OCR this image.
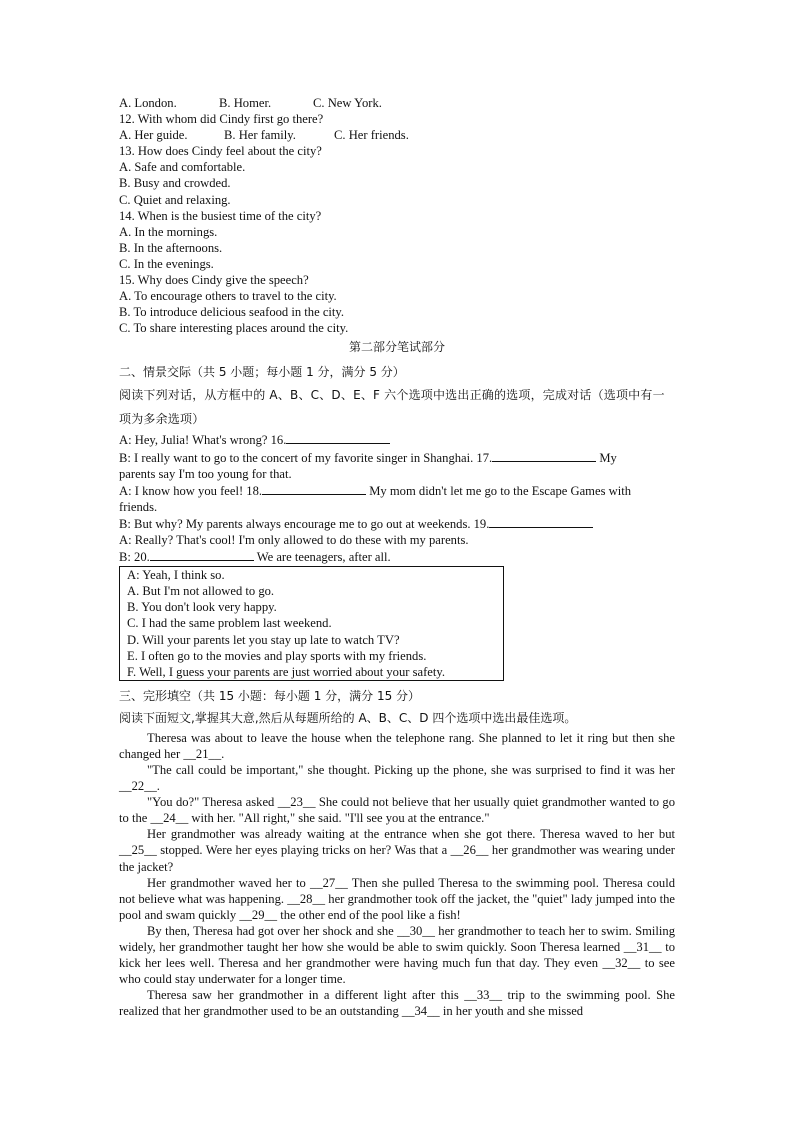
A. London.	B. Homer.	C. New York.
12. With whom did Cindy first go there?
A. Her guide.	B. Her family.	C. Her friends.
13. How does Cindy feel about the city?
A. Safe and comfortable.
B. Busy and crowded.
C. Quiet and relaxing.
14. When is the busiest time of the city?
A. In the mornings.
B. In the afternoons.
C. In the evenings.
15. Why does Cindy give the speech?
A. To encourage others to travel to the city.
B. To introduce delicious seafood in the city.
C. To share interesting places around the city.
第二部分笔试部分
二、情景交际（共 5 小题；每小题 1 分，满分 5 分）
阅读下列对话，从方框中的 A、B、C、D、E、F 六个选项中选出正确的选项，完成对话（选项中有一项为多余选项）
A: Hey, Julia! What's wrong? 16.
B: I really want to go to the concert of my favorite singer in Shanghai. 17.	My
parents say I'm too young for that.
A: I know how you feel! 18.	My mom didn't let me go to the Escape Games with
friends.
B: But why? My parents always encourage me to go out at weekends. 19.
A: Really? That's cool! I'm only allowed to do these with my parents.
B: 20.	We are teenagers, after all.
A: Yeah, I think so.
A. But I'm not allowed to go.
B. You don't look very happy.
C. I had the same problem last weekend.
D. Will your parents let you stay up late to watch TV?
E. I often go to the movies and play sports with my friends.
F. Well, I guess your parents are just worried about your safety.
三、完形填空（共 15 小题：每小题 1 分，满分 15 分）
阅读下面短文,掌握其大意,然后从每题所给的 A、B、C、D 四个选项中选出最佳选项。
Theresa was about to leave the house when the telephone rang. She planned to let it ring but then she changed her __21__.
"The call could be important," she thought. Picking up the phone, she was surprised to find it was her __22__.
"You do?" Theresa asked __23__ She could not believe that her usually quiet grandmother wanted to go to the __24__ with her. "All right," she said. "I'll see you at the entrance."
Her grandmother was already waiting at the entrance when she got there. Theresa waved to her but __25__ stopped. Were her eyes playing tricks on her? Was that a __26__ her grandmother was wearing under the jacket?
Her grandmother waved her to __27__ Then she pulled Theresa to the swimming pool. Theresa could not believe what was happening. __28__ her grandmother took off the jacket, the "quiet" lady jumped into the pool and swam quickly __29__ the other end of the pool like a fish!
By then, Theresa had got over her shock and she __30__ her grandmother to teach her to swim. Smiling widely, her grandmother taught her how she would be able to swim quickly. Soon Theresa learned __31__ to kick her lees well. Theresa and her grandmother were having much fun that day. They even __32__ to see who could stay underwater for a longer time.
Theresa saw her grandmother in a different light after this __33__ trip to the swimming pool. She realized that her grandmother used to be an outstanding __34__ in her youth and she missed
